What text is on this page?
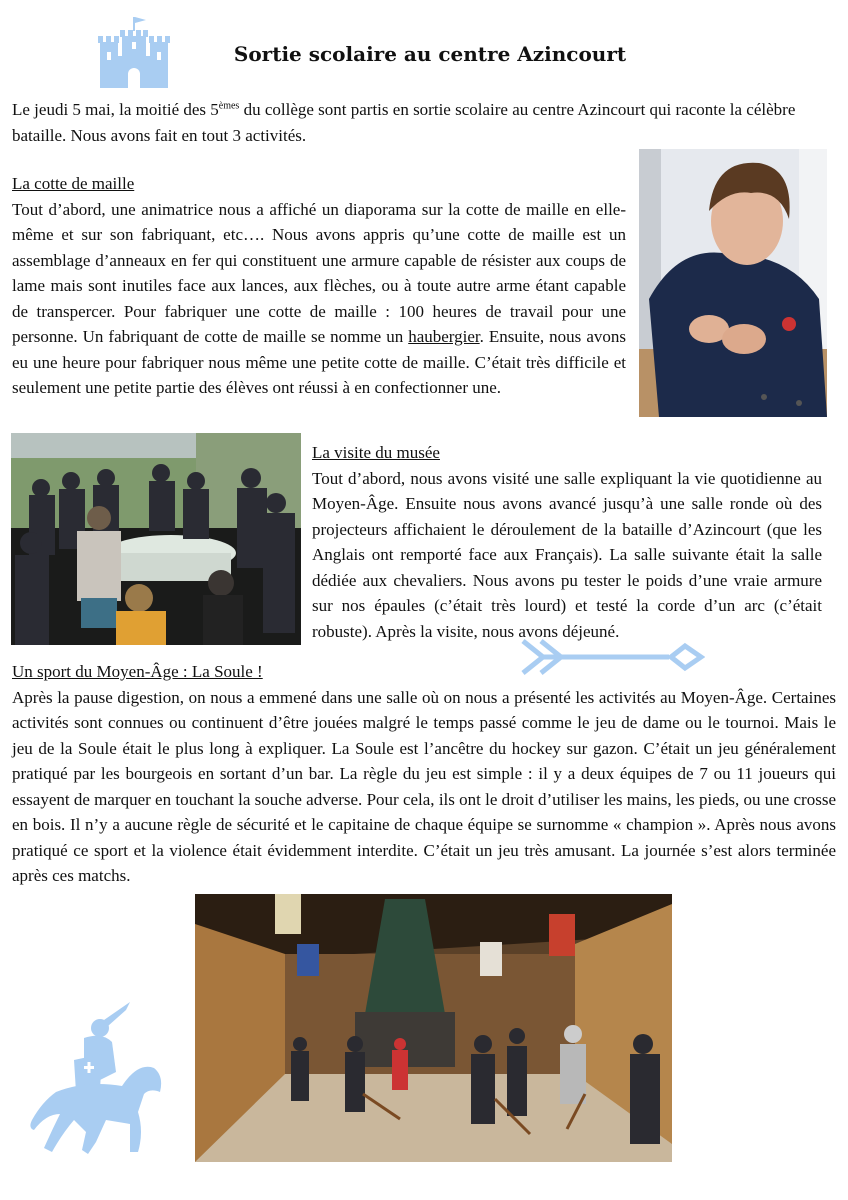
Sortie scolaire au centre Azincourt

Le jeudi 5 mai, la moitié des 5èmes du collège sont partis en sortie scolaire au centre Azincourt qui raconte la célèbre bataille. Nous avons fait en tout 3 activités.

La cotte de maille

Tout d’abord, une animatrice nous a affiché un diaporama sur la cotte de maille en elle-même et sur son fabriquant, etc…. Nous avons appris qu’une cotte de maille est un assemblage d’anneaux en fer qui constituent une armure capable de résister aux coups de lame mais sont inutiles face aux lances, aux flèches, ou à toute autre arme étant capable de transpercer. Pour fabriquer une cotte de maille : 100 heures de travail pour une personne. Un fabriquant de cotte de maille se nomme un haubergier. Ensuite, nous avons eu une heure pour fabriquer nous même une petite cotte de maille. C’était très difficile et seulement une petite partie des élèves ont réussi à en confectionner une.

La visite du musée

Tout d’abord, nous avons visité une salle expliquant la vie quotidienne au Moyen-Âge. Ensuite nous avons avancé jusqu’à une salle ronde où des projecteurs affichaient le déroulement de la bataille d’Azincourt (que les Anglais ont remporté face aux Français). La salle suivante était la salle dédiée aux chevaliers. Nous avons pu tester le poids d’une vraie armure sur nos épaules (c’était très lourd) et testé la corde d’un arc (c’était robuste). Après la visite, nous avons déjeuné.

Un sport du Moyen-Âge : La Soule !

Après la pause digestion, on nous a emmené dans une salle où on nous a présenté les activités au Moyen-Âge. Certaines activités sont connues ou continuent d’être jouées malgré le temps passé comme le jeu de dame ou le tournoi. Mais le jeu de la Soule était le plus long à expliquer. La Soule est l’ancêtre du hockey sur gazon. C’était un jeu généralement pratiqué par les bourgeois en sortant d’un bar. La règle du jeu est simple : il y a deux équipes de 7 ou 11 joueurs qui essayent de marquer en touchant la souche adverse. Pour cela, ils ont le droit d’utiliser les mains, les pieds, ou une crosse en bois. Il n’y a aucune règle de sécurité et le capitaine de chaque équipe se surnomme « champion ». Après nous avons pratiqué ce sport et la violence était évidemment interdite. C’était un jeu très amusant. La journée s’est alors terminée après ces matchs.
